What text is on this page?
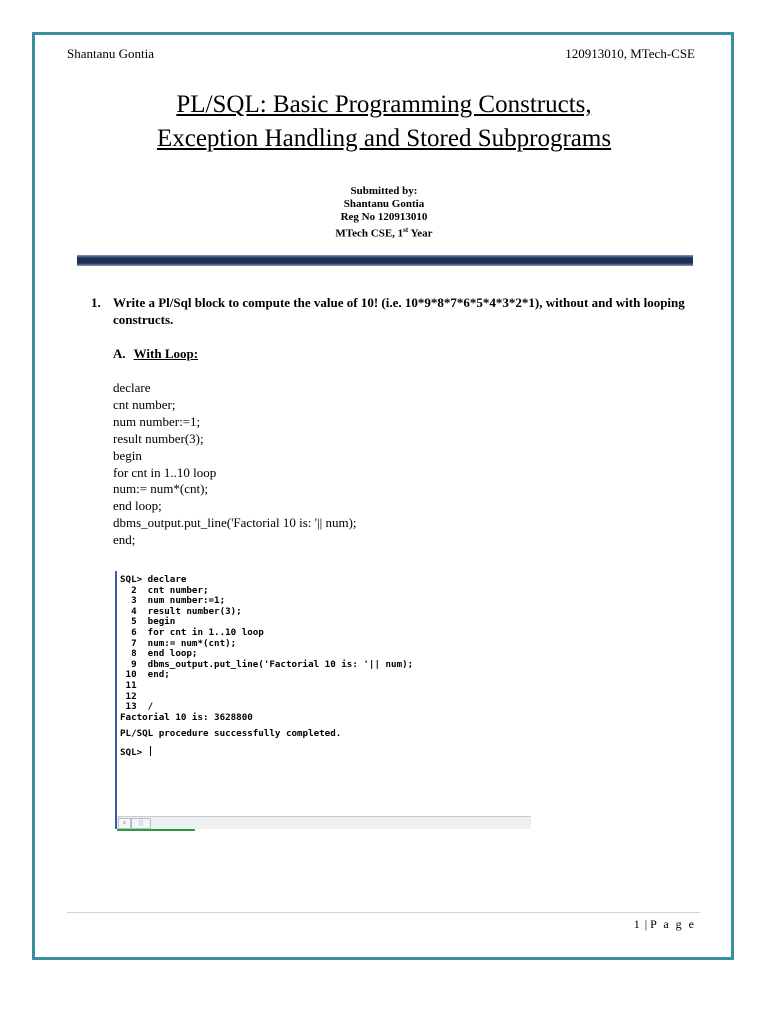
Shantanu Gontia	120913010, MTech-CSE
PL/SQL: Basic Programming Constructs,
Exception Handling and Stored Subprograms
Submitted by:
Shantanu Gontia
Reg No 120913010
MTech CSE, 1st Year
1. Write a Pl/Sql block to compute the value of 10! (i.e. 10*9*8*7*6*5*4*3*2*1), without and with looping constructs.
A. With Loop:
declare
cnt number;
num number:=1;
result number(3);
begin
for cnt in 1..10 loop
num:= num*(cnt);
end loop;
dbms_output.put_line('Factorial 10 is: '|| num);
end;
SQL> declare
2  cnt number;
3  num number:=1;
4  result number(3);
5  begin
6  for cnt in 1..10 loop
7  num:= num*(cnt);
8  end loop;
9  dbms_output.put_line('Factorial 10 is: '|| num);
10  end;
11
12
13  /
Factorial 10 is: 3628800
PL/SQL procedure successfully completed.
SQL>
<	|||
1 | P a g e
